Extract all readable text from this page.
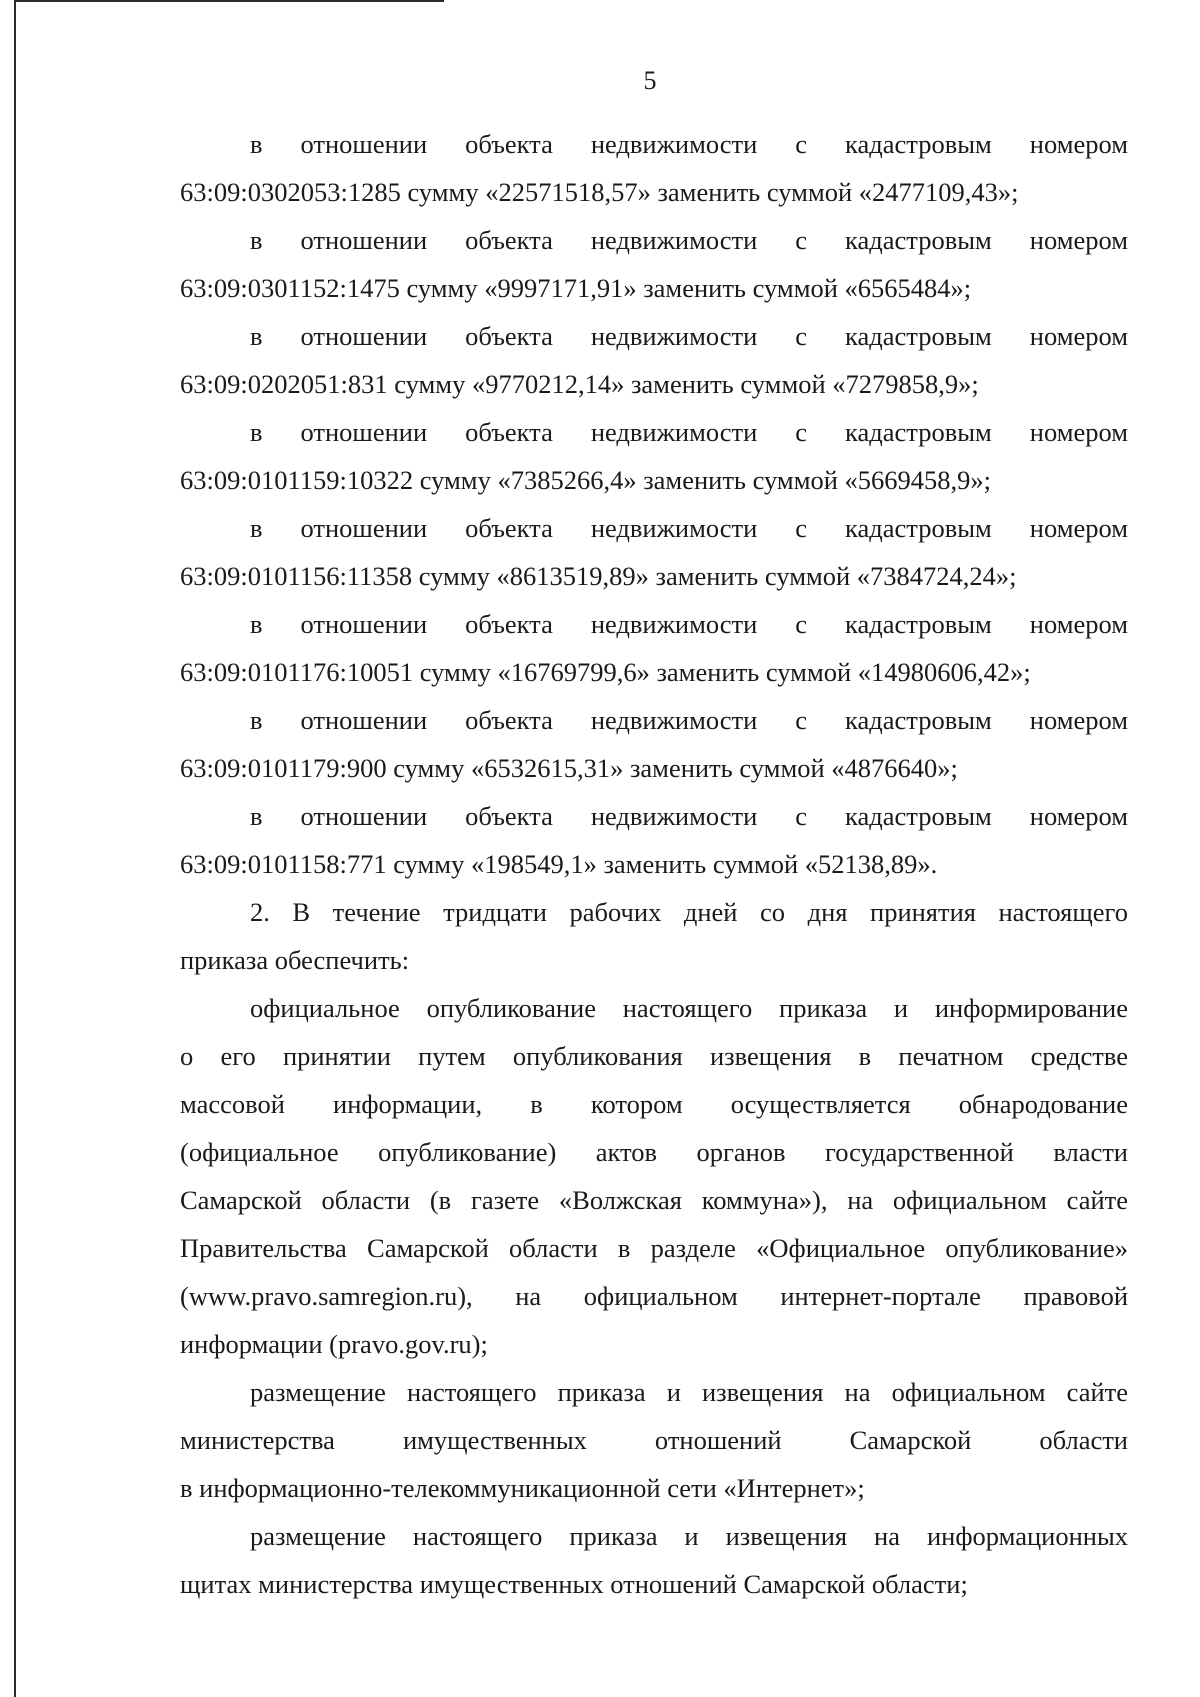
5
в отношении объекта недвижимости с кадастровым номером
63:09:0302053:1285 сумму «22571518,57» заменить суммой «2477109,43»;
в отношении объекта недвижимости с кадастровым номером
63:09:0301152:1475 сумму «9997171,91» заменить суммой «6565484»;
в отношении объекта недвижимости с кадастровым номером
63:09:0202051:831 сумму «9770212,14» заменить суммой «7279858,9»;
в отношении объекта недвижимости с кадастровым номером
63:09:0101159:10322 сумму «7385266,4» заменить суммой «5669458,9»;
в отношении объекта недвижимости с кадастровым номером
63:09:0101156:11358 сумму «8613519,89» заменить суммой «7384724,24»;
в отношении объекта недвижимости с кадастровым номером
63:09:0101176:10051 сумму «16769799,6» заменить суммой «14980606,42»;
в отношении объекта недвижимости с кадастровым номером
63:09:0101179:900 сумму «6532615,31» заменить суммой «4876640»;
в отношении объекта недвижимости с кадастровым номером
63:09:0101158:771 сумму «198549,1» заменить суммой «52138,89».
2. В течение тридцати рабочих дней со дня принятия настоящего
приказа обеспечить:
официальное опубликование настоящего приказа и информирование
о его принятии путем опубликования извещения в печатном средстве
массовой информации, в котором осуществляется обнародование
(официальное опубликование) актов органов государственной власти
Самарской области (в газете «Волжская коммуна»), на официальном сайте
Правительства Самарской области в разделе «Официальное опубликование»
(www.pravo.samregion.ru), на официальном интернет-портале правовой
информации (pravo.gov.ru);
размещение настоящего приказа и извещения на официальном сайте
министерства имущественных отношений Самарской области
в информационно-телекоммуникационной сети «Интернет»;
размещение настоящего приказа и извещения на информационных
щитах министерства имущественных отношений Самарской области;
